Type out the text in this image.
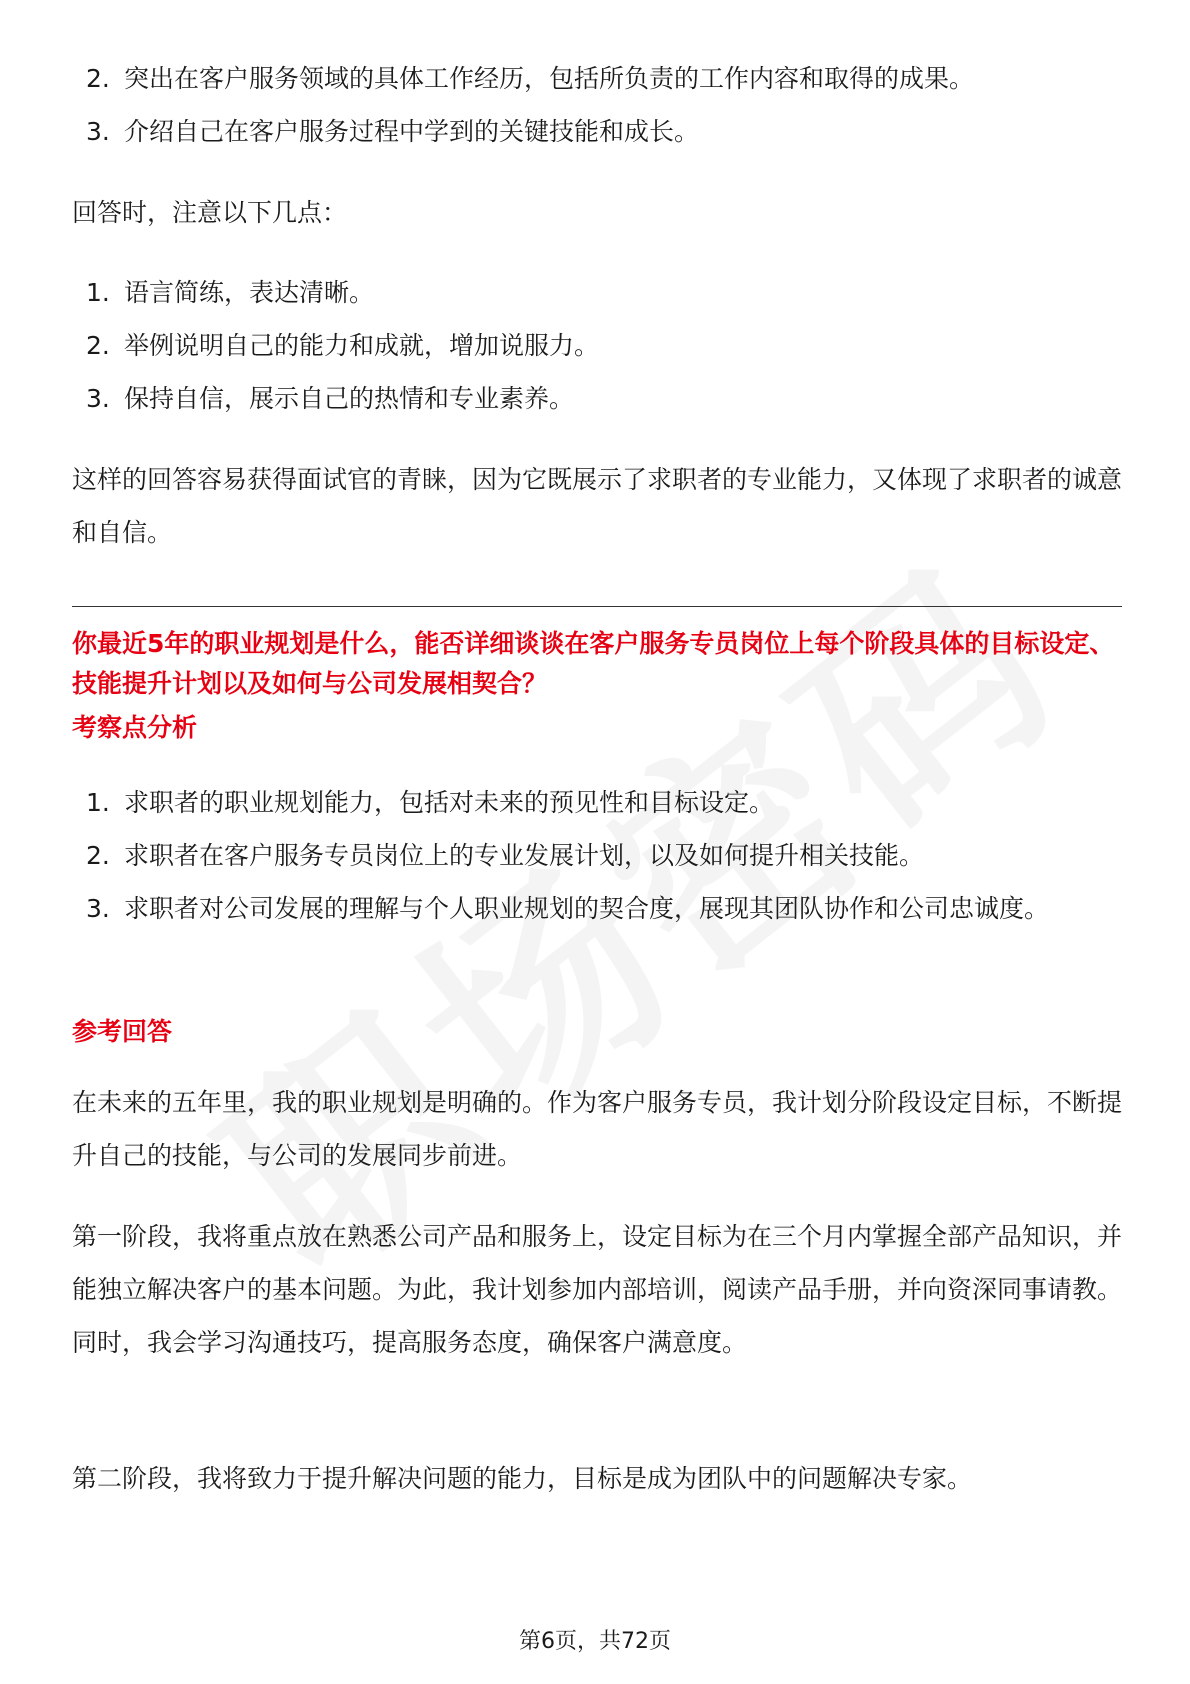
2. 突出在客户服务领域的具体工作经历，包括所负责的工作内容和取得的成果。
3. 介绍自己在客户服务过程中学到的关键技能和成长。

回答时，注意以下几点：

1. 语言简练，表达清晰。
2. 举例说明自己的能力和成就，增加说服力。
3. 保持自信，展示自己的热情和专业素养。

这样的回答容易获得面试官的青睐，因为它既展示了求职者的专业能力，又体现了求职者的诚意和自信。

你最近5年的职业规划是什么，能否详细谈谈在客户服务专员岗位上每个阶段具体的目标设定、技能提升计划以及如何与公司发展相契合？

考察点分析

1. 求职者的职业规划能力，包括对未来的预见性和目标设定。
2. 求职者在客户服务专员岗位上的专业发展计划，以及如何提升相关技能。
3. 求职者对公司发展的理解与个人职业规划的契合度，展现其团队协作和公司忠诚度。

参考回答

在未来的五年里，我的职业规划是明确的。作为客户服务专员，我计划分阶段设定目标，不断提升自己的技能，与公司的发展同步前进。

第一阶段，我将重点放在熟悉公司产品和服务上，设定目标为在三个月内掌握全部产品知识，并能独立解决客户的基本问题。为此，我计划参加内部培训，阅读产品手册，并向资深同事请教。同时，我会学习沟通技巧，提高服务态度，确保客户满意度。

第二阶段，我将致力于提升解决问题的能力，目标是成为团队中的问题解决专家。

第6页，共72页
